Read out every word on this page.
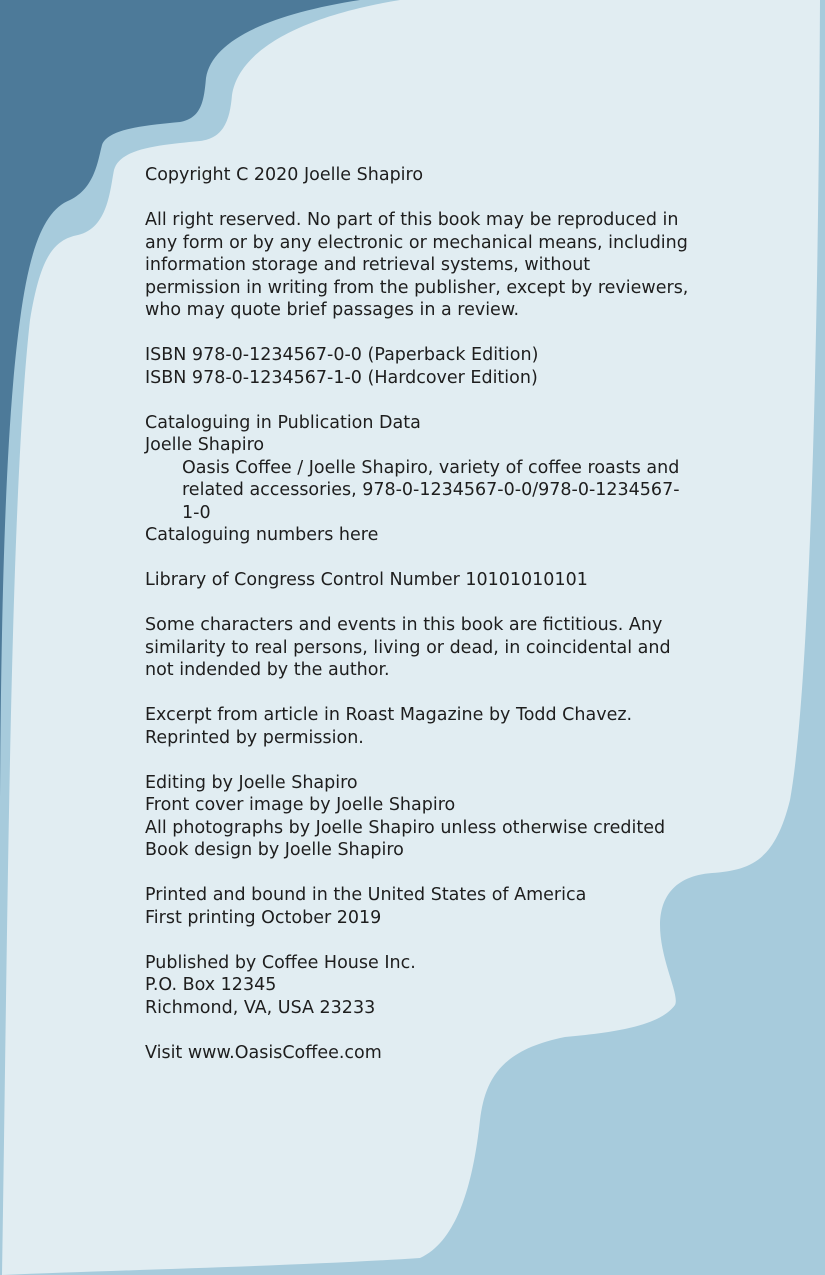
Copyright C 2020 Joelle Shapiro

All right reserved. No part of this book may be reproduced in any form or by any electronic or mechanical means, including information storage and retrieval systems, without permission in writing from the publisher, except by reviewers, who may quote brief passages in a review.

ISBN 978-0-1234567-0-0 (Paperback Edition)
ISBN 978-0-1234567-1-0 (Hardcover Edition)

Cataloguing in Publication Data
Joelle Shapiro
Oasis Coffee / Joelle Shapiro, variety of coffee roasts and related accessories, 978-0-1234567-0-0/978-0-1234567-1-0
Cataloguing numbers here

Library of Congress Control Number 10101010101

Some characters and events in this book are fictitious. Any similarity to real persons, living or dead, in coincidental and not indended by the author.

Excerpt from article in Roast Magazine by Todd Chavez.
Reprinted by permission.

Editing by Joelle Shapiro
Front cover image by Joelle Shapiro
All photographs by Joelle Shapiro unless otherwise credited
Book design by Joelle Shapiro

Printed and bound in the United States of America
First printing October 2019

Published by Coffee House Inc.
P.O. Box 12345
Richmond, VA, USA 23233

Visit www.OasisCoffee.com
